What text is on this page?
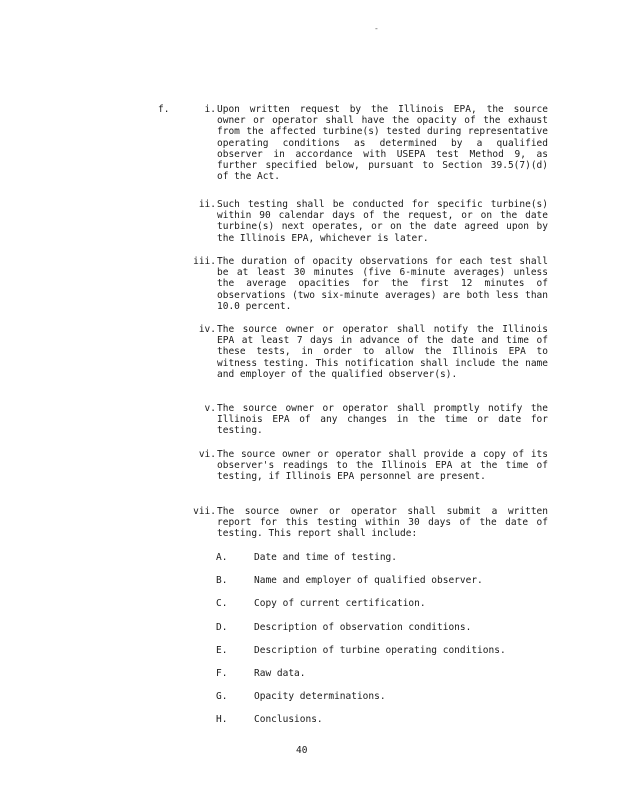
-
f.	i. Upon written request by the Illinois EPA, the source owner or operator shall have the opacity of the exhaust from the affected turbine(s) tested during representative operating conditions as determined by a qualified observer in accordance with USEPA test Method 9, as further specified below, pursuant to Section 39.5(7)(d) of the Act.
ii. Such testing shall be conducted for specific turbine(s) within 90 calendar days of the request, or on the date turbine(s) next operates, or on the date agreed upon by the Illinois EPA, whichever is later.
iii. The duration of opacity observations for each test shall be at least 30 minutes (five 6-minute averages) unless the average opacities for the first 12 minutes of observations (two six-minute averages) are both less than 10.0 percent.
iv. The source owner or operator shall notify the Illinois EPA at least 7 days in advance of the date and time of these tests, in order to allow the Illinois EPA to witness testing. This notification shall include the name and employer of the qualified observer(s).
v. The source owner or operator shall promptly notify the Illinois EPA of any changes in the time or date for testing.
vi. The source owner or operator shall provide a copy of its observer's readings to the Illinois EPA at the time of testing, if Illinois EPA personnel are present.
vii. The source owner or operator shall submit a written report for this testing within 30 days of the date of testing. This report shall include:
A.	Date and time of testing.
B.	Name and employer of qualified observer.
C.	Copy of current certification.
D.	Description of observation conditions.
E.	Description of turbine operating conditions.
F.	Raw data.
G.	Opacity determinations.
H.	Conclusions.
40
